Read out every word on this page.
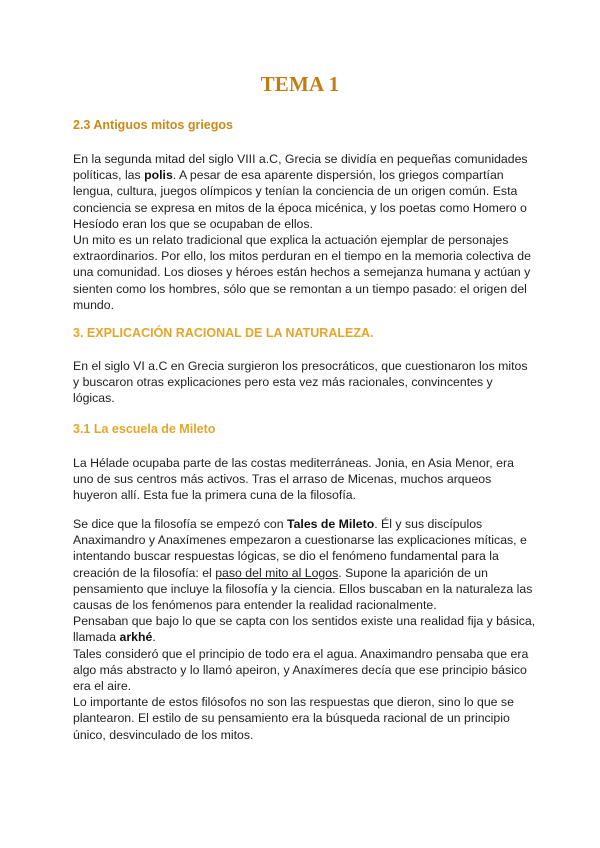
TEMA 1
2.3 Antiguos mitos griegos
En la segunda mitad del siglo VIII a.C, Grecia se dividía en pequeñas comunidades
políticas, las polis. A pesar de esa aparente dispersión, los griegos compartían
lengua, cultura, juegos olímpicos y tenían la conciencia de un origen común. Esta
conciencia se expresa en mitos de la época micénica, y los poetas como Homero o
Hesíodo eran los que se ocupaban de ellos.
Un mito es un relato tradicional que explica la actuación ejemplar de personajes
extraordinarios. Por ello, los mitos perduran en el tiempo en la memoria colectiva de
una comunidad. Los dioses y héroes están hechos a semejanza humana y actúan y
sienten como los hombres, sólo que se remontan a un tiempo pasado: el origen del
mundo.
3. EXPLICACIÓN RACIONAL DE LA NATURALEZA.
En el siglo VI a.C en Grecia surgieron los presocráticos, que cuestionaron los mitos
y buscaron otras explicaciones pero esta vez más racionales, convincentes y
lógicas.
3.1 La escuela de Mileto
La Hélade ocupaba parte de las costas mediterráneas. Jonia, en Asia Menor, era
uno de sus centros más activos. Tras el arraso de Micenas, muchos arqueos
huyeron allí. Esta fue la primera cuna de la filosofía.
Se dice que la filosofía se empezó con Tales de Mileto. Él y sus discípulos
Anaximandro y Anaxímenes empezaron a cuestionarse las explicaciones míticas, e
intentando buscar respuestas lógicas, se dio el fenómeno fundamental para la
creación de la filosofía: el paso del mito al Logos. Supone la aparición de un
pensamiento que incluye la filosofía y la ciencia. Ellos buscaban en la naturaleza las
causas de los fenómenos para entender la realidad racionalmente.
Pensaban que bajo lo que se capta con los sentidos existe una realidad fija y básica,
llamada arkhé.
Tales consideró que el principio de todo era el agua. Anaximandro pensaba que era
algo más abstracto y lo llamó apeiron, y Anaxímeres decía que ese principio básico
era el aire.
Lo importante de estos filósofos no son las respuestas que dieron, sino lo que se
plantearon. El estilo de su pensamiento era la búsqueda racional de un principio
único, desvinculado de los mitos.
